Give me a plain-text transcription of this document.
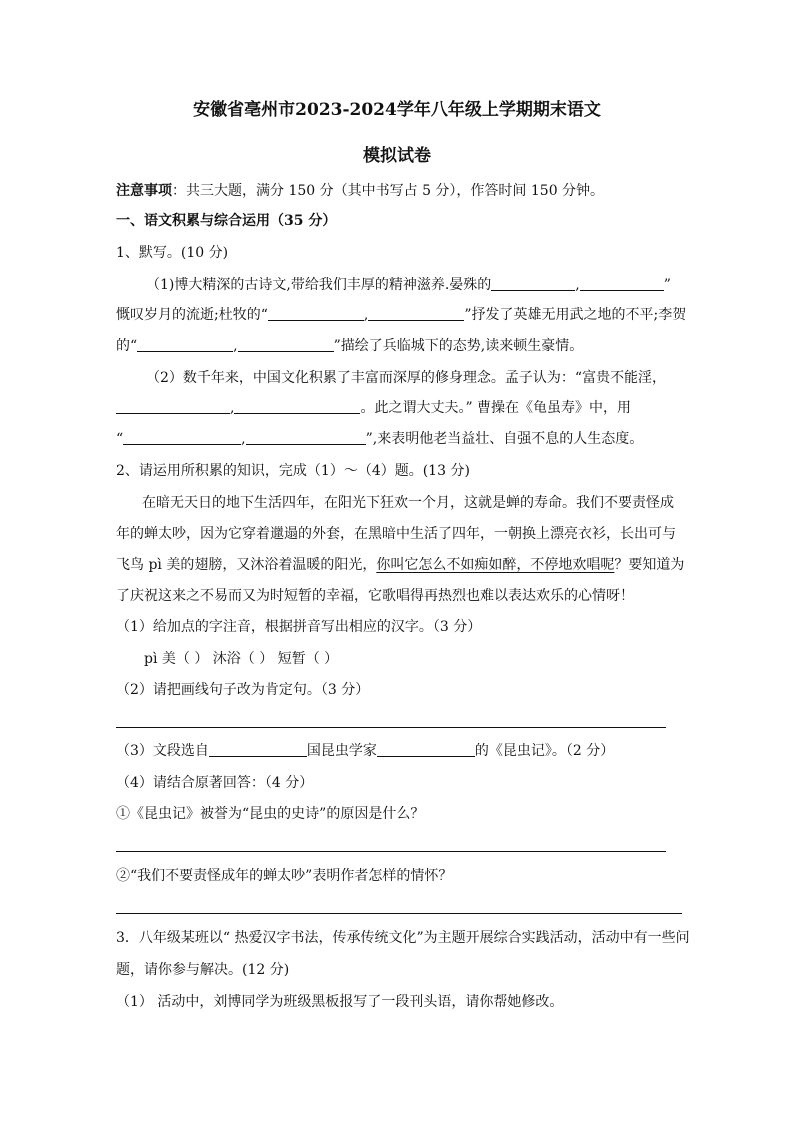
安徽省亳州市2023-2024学年八年级上学期期末语文
模拟试卷
注意事项：共三大题，满分 150 分（其中书写占 5 分），作答时间 150 分钟。
一、语文积累与综合运用（35 分）
1、默写。(10 分)
（1)博大精深的古诗文,带给我们丰厚的精神滋养.晏殊的	,	”
慨叹岁月的流逝;杜牧的“	,	”抒发了英雄无用武之地的不平;李贺
的“	,	”描绘了兵临城下的态势,读来顿生豪情。
（2）数千年来，中国文化积累了丰富而深厚的修身理念。孟子认为：“富贵不能淫，
,	。此之谓大丈夫。” 曹操在《龟虽寿》中，用
“	,	”,来表明他老当益壮、自强不息的人生态度。
2、请运用所积累的知识，完成（1）～（4）题。(13 分)
在暗无天日的地下生活四年，在阳光下狂欢一个月，这就是蝉的寿命。我们不要责怪成
年的蝉太吵，因为它穿着邋遢的外套，在黑暗中生活了四年，一朝换上漂亮衣衫，长出可与
飞鸟 pì 美的翅膀，又沐浴着温暖的阳光，你叫它怎么不如痴如醉，不停地欢唱呢？要知道为
了庆祝这来之不易而又为时短暂的幸福，它歌唱得再热烈也难以表达欢乐的心情呀！
（1）给加点的字注音，根据拼音写出相应的汉字。（3 分）
pì 美（ ） 沐浴（ ） 短暂（ ）
（2）请把画线句子改为肯定句。（3 分）
（3）文段选自	国昆虫学家	的《昆虫记》。（2 分）
（4）请结合原著回答：（4 分）
①《昆虫记》被誉为“昆虫的史诗”的原因是什么？
②“我们不要责怪成年的蝉太吵”表明作者怎样的情怀？
3．八年级某班以“ 热爱汉字书法，传承传统文化”为主题开展综合实践活动，活动中有一些问
题，请你参与解决。(12 分)
（1） 活动中，刘博同学为班级黑板报写了一段刊头语，请你帮她修改。
